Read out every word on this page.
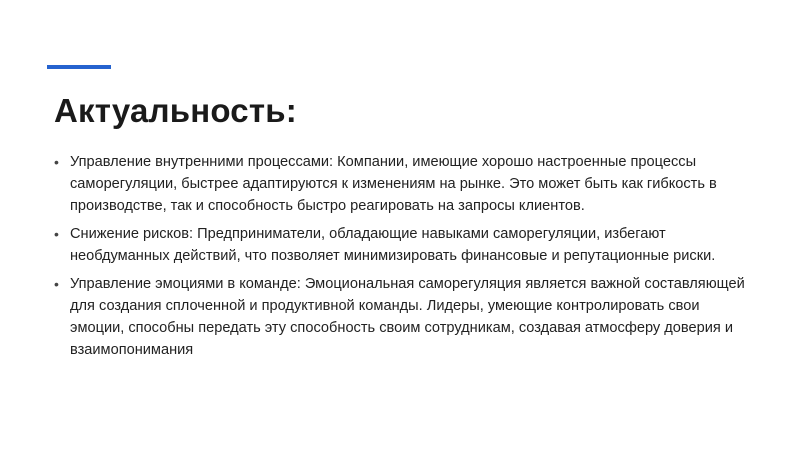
Актуальность:
• Управление внутренними процессами: Компании, имеющие хорошо настроенные процессы саморегуляции, быстрее адаптируются к изменениям на рынке. Это может быть как гибкость в производстве, так и способность быстро реагировать на запросы клиентов.
• Снижение рисков: Предприниматели, обладающие навыками саморегуляции, избегают необдуманных действий, что позволяет минимизировать финансовые и репутационные риски.
• Управление эмоциями в команде: Эмоциональная саморегуляция является важной составляющей для создания сплоченной и продуктивной команды. Лидеры, умеющие контролировать свои эмоции, способны передать эту способность своим сотрудникам, создавая атмосферу доверия и взаимопонимания
